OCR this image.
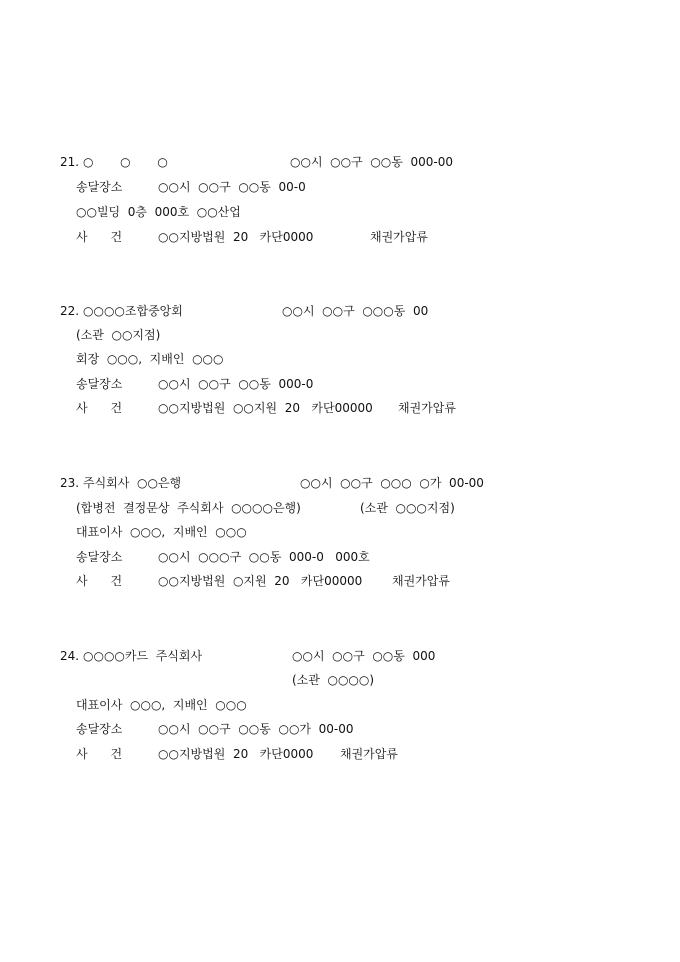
21. ○       ○       ○	○○시  ○○구  ○○동  000-00
송달장소	○○시  ○○구  ○○동  00-0
○○빌딩  0층  000호  ○○산업
사      건	○○지방법원  20   카단0000	채권가압류
22. ○○○○조합중앙회	○○시  ○○구  ○○○동  00
(소관  ○○지점)
회장  ○○○,  지배인  ○○○
송달장소	○○시  ○○구  ○○동  000-0
사      건	○○지방법원  ○○지원  20   카단00000 채권가압류
23. 주식회사  ○○은행	○○시  ○○구  ○○○  ○가  00-00
(합병전  결정문상  주식회사  ○○○○은행)	(소관  ○○○지점)
대표이사  ○○○,  지배인  ○○○
송달장소	○○시  ○○○구  ○○동  000-0   000호
사      건	○○지방법원  ○지원  20   카단00000 채권가압류
24. ○○○○카드  주식회사	○○시  ○○구  ○○동  000
(소관  ○○○○)
대표이사  ○○○,  지배인  ○○○
송달장소	○○시  ○○구  ○○동  ○○가  00-00
사      건	○○지방법원  20   카단0000 채권가압류
